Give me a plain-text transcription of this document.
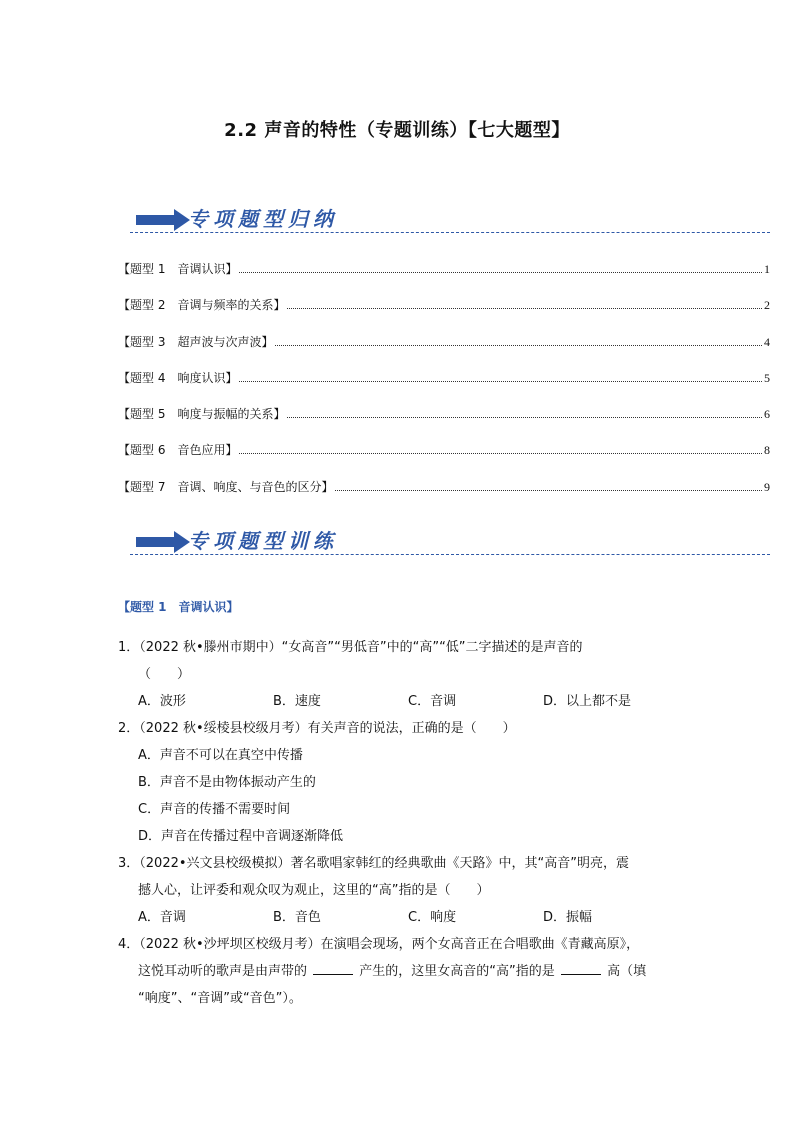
2.2 声音的特性（专题训练）【七大题型】
专项题型归纳
【题型 1　音调认识】	1
【题型 2　音调与频率的关系】	2
【题型 3　超声波与次声波】	4
【题型 4　响度认识】	5
【题型 5　响度与振幅的关系】	6
【题型 6　音色应用】	8
【题型 7　音调、响度、与音色的区分】	9
专项题型训练
【题型 1　音调认识】
1．（2022 秋•滕州市期中）“女高音”“男低音”中的“高”“低”二字描述的是声音的
（　　）
A．波形	B．速度	C．音调	D．以上都不是
2．（2022 秋•绥棱县校级月考）有关声音的说法，正确的是（　　）
A．声音不可以在真空中传播
B．声音不是由物体振动产生的
C．声音的传播不需要时间
D．声音在传播过程中音调逐渐降低
3．（2022•兴文县校级模拟）著名歌唱家韩红的经典歌曲《天路》中，其“高音”明亮，震
撼人心，让评委和观众叹为观止，这里的“高”指的是（　　）
A．音调	B．音色	C．响度	D．振幅
4．（2022 秋•沙坪坝区校级月考）在演唱会现场，两个女高音正在合唱歌曲《青藏高原》，
这悦耳动听的歌声是由声带的	产生的，这里女高音的“高”指的是	高（填
“响度”、“音调”或“音色”）。
